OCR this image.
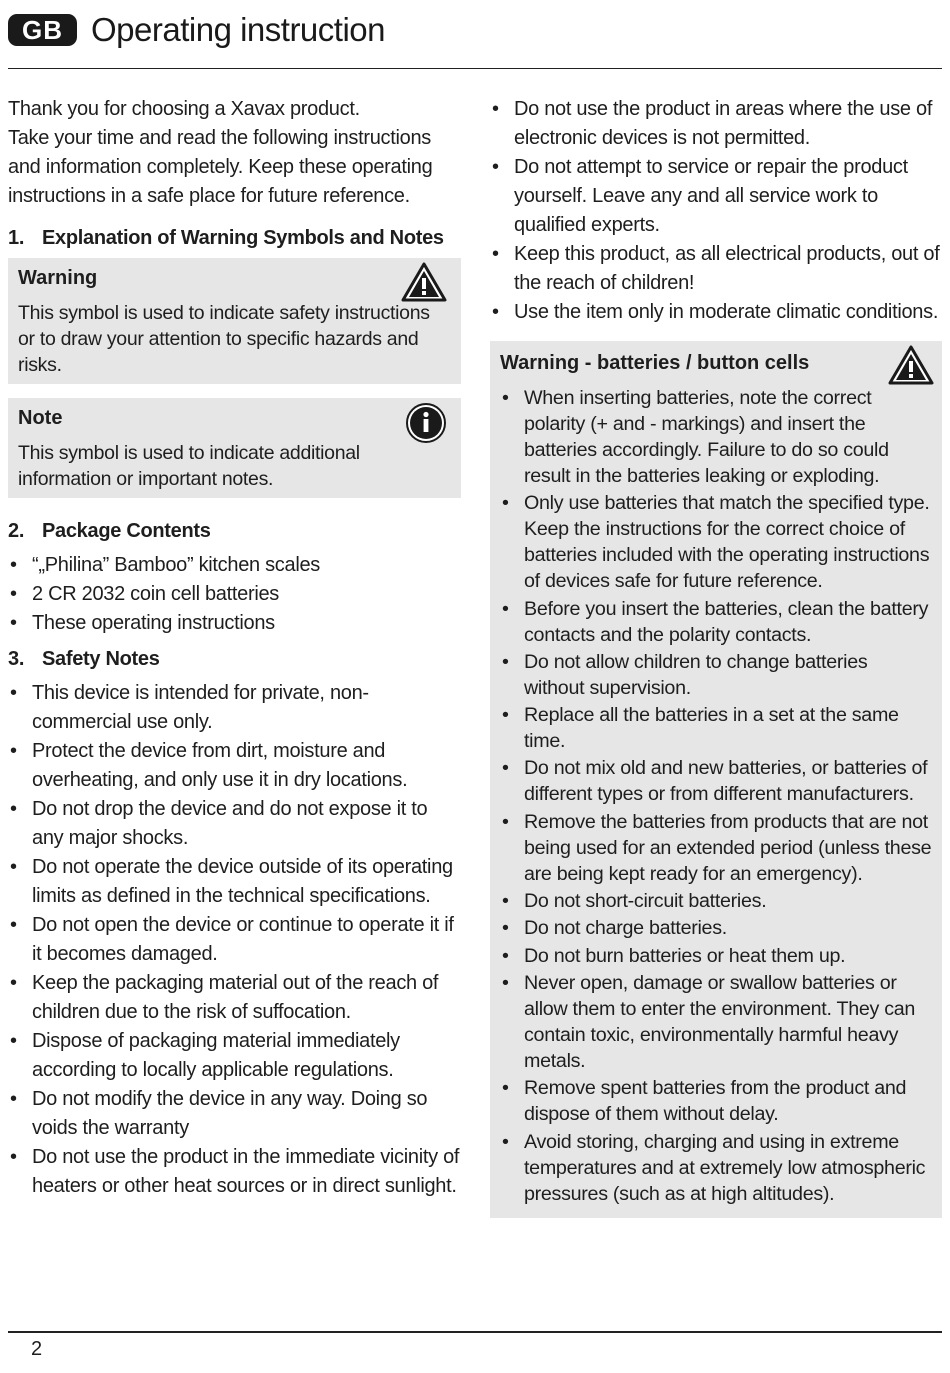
GB Operating instruction

Thank you for choosing a Xavax product.

Take your time and read the following instructions and information completely. Keep these operating instructions in a safe place for future reference.

1. Explanation of Warning Symbols and Notes
Warning
This symbol is used to indicate safety instructions or to draw your attention to specific hazards and risks.
Note
This symbol is used to indicate additional information or important notes.
2. Package Contents
• “„Philina” Bamboo” kitchen scales
• 2 CR 2032 coin cell batteries
• These operating instructions
3. Safety Notes
• This device is intended for private, non-commercial use only.
• Protect the device from dirt, moisture and overheating, and only use it in dry locations.
• Do not drop the device and do not expose it to any major shocks.
• Do not operate the device outside of its operating limits as defined in the technical specifications.
• Do not open the device or continue to operate it if it becomes damaged.
• Keep the packaging material out of the reach of children due to the risk of suffocation.
• Dispose of packaging material immediately according to locally applicable regulations.
• Do not modify the device in any way. Doing so voids the warranty
• Do not use the product in the immediate vicinity of heaters or other heat sources or in direct sunlight.
• Do not use the product in areas where the use of electronic devices is not permitted.
• Do not attempt to service or repair the product yourself. Leave any and all service work to qualified experts.
• Keep this product, as all electrical products, out of the reach of children!
• Use the item only in moderate climatic conditions.
Warning - batteries / button cells
• When inserting batteries, note the correct polarity (+ and - markings) and insert the batteries accordingly. Failure to do so could result in the batteries leaking or exploding.
• Only use batteries that match the specified type. Keep the instructions for the correct choice of batteries included with the operating instructions of devices safe for future reference.
• Before you insert the batteries, clean the battery contacts and the polarity contacts.
• Do not allow children to change batteries without supervision.
• Replace all the batteries in a set at the same time.
• Do not mix old and new batteries, or batteries of different types or from different manufacturers.
• Remove the batteries from products that are not being used for an extended period (unless these are being kept ready for an emergency).
• Do not short-circuit batteries.
• Do not charge batteries.
• Do not burn batteries or heat them up.
• Never open, damage or swallow batteries or allow them to enter the environment. They can contain toxic, environmentally harmful heavy metals.
• Remove spent batteries from the product and dispose of them without delay.
• Avoid storing, charging and using in extreme temperatures and at extremely low atmospheric pressures (such as at high altitudes).
2
